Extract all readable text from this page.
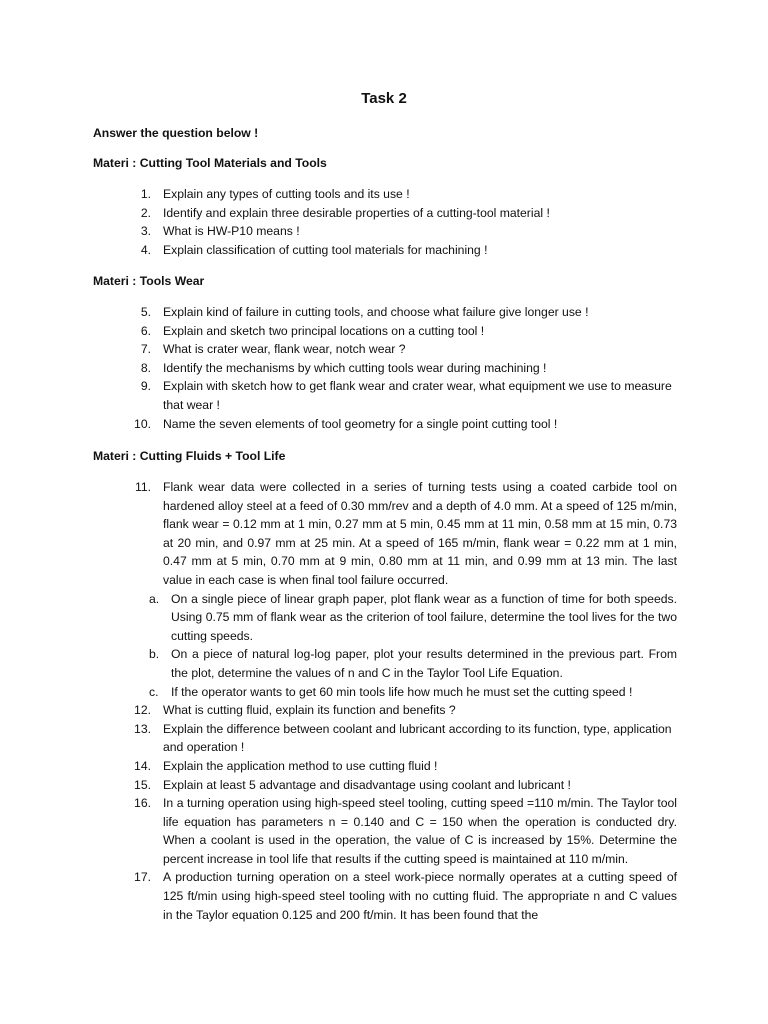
Task 2
Answer the question below !
Materi : Cutting Tool Materials and Tools
1. Explain any types of cutting tools and its use !
2. Identify and explain three desirable properties of a cutting-tool material !
3. What is HW-P10 means !
4. Explain classification of cutting tool materials for machining !
Materi : Tools Wear
5. Explain kind of failure in cutting tools, and choose what failure give longer use !
6. Explain and sketch two principal locations on a cutting tool !
7. What is crater wear, flank wear, notch wear ?
8. Identify the mechanisms by which cutting tools wear during machining !
9. Explain with sketch how to get flank wear and crater wear, what equipment we use to measure that wear !
10. Name the seven elements of tool geometry for a single point cutting tool !
Materi : Cutting Fluids + Tool Life
11. Flank wear data were collected in a series of turning tests using a coated carbide tool on hardened alloy steel at a feed of 0.30 mm/rev and a depth of 4.0 mm. At a speed of 125 m/min, flank wear = 0.12 mm at 1 min, 0.27 mm at 5 min, 0.45 mm at 11 min, 0.58 mm at 15 min, 0.73 at 20 min, and 0.97 mm at 25 min. At a speed of 165 m/min, flank wear = 0.22 mm at 1 min, 0.47 mm at 5 min, 0.70 mm at 9 min, 0.80 mm at 11 min, and 0.99 mm at 13 min. The last value in each case is when final tool failure occurred.
a. On a single piece of linear graph paper, plot flank wear as a function of time for both speeds. Using 0.75 mm of flank wear as the criterion of tool failure, determine the tool lives for the two cutting speeds.
b. On a piece of natural log-log paper, plot your results determined in the previous part. From the plot, determine the values of n and C in the Taylor Tool Life Equation.
c. If the operator wants to get 60 min tools life how much he must set the cutting speed !
12. What is cutting fluid, explain its function and benefits ?
13. Explain the difference between coolant and lubricant according to its function, type, application and operation !
14. Explain the application method to use cutting fluid !
15. Explain at least 5 advantage and disadvantage using coolant and lubricant !
16. In a turning operation using high-speed steel tooling, cutting speed =110 m/min. The Taylor tool life equation has parameters n = 0.140 and C = 150 when the operation is conducted dry. When a coolant is used in the operation, the value of C is increased by 15%. Determine the percent increase in tool life that results if the cutting speed is maintained at 110 m/min.
17. A production turning operation on a steel work-piece normally operates at a cutting speed of 125 ft/min using high-speed steel tooling with no cutting fluid. The appropriate n and C values in the Taylor equation 0.125 and 200 ft/min. It has been found that the
